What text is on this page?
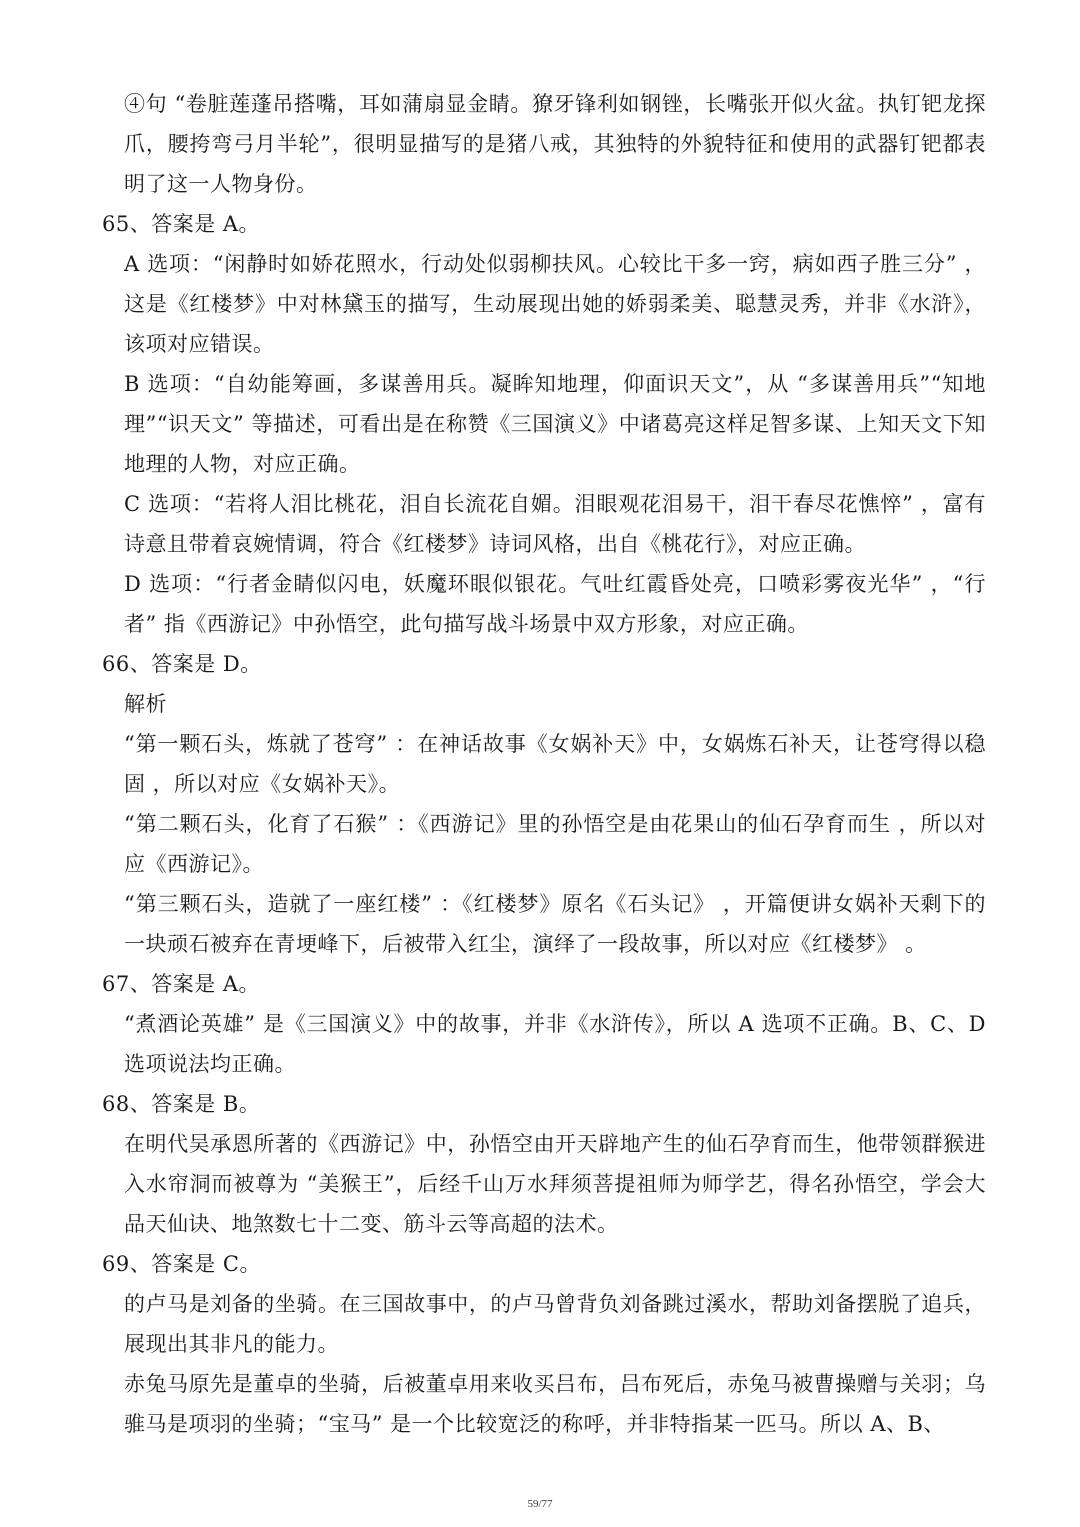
④句 “卷脏莲蓬吊搭嘴，耳如蒲扇显金睛。獠牙锋利如钢锉，长嘴张开似火盆。执钉钯龙探爪，腰挎弯弓月半轮”，很明显描写的是猪八戒，其独特的外貌特征和使用的武器钉钯都表明了这一人物身份。

65、答案是 A。

A 选项：“闲静时如娇花照水，行动处似弱柳扶风。心较比干多一窍，病如西子胜三分” ，这是《红楼梦》中对林黛玉的描写，生动展现出她的娇弱柔美、聪慧灵秀，并非《水浒》，该项对应错误。

B 选项：“自幼能筹画，多谋善用兵。凝眸知地理，仰面识天文”，从 “多谋善用兵”“知地理”“识天文” 等描述，可看出是在称赞《三国演义》中诸葛亮这样足智多谋、上知天文下知地理的人物，对应正确。

C 选项：“若将人泪比桃花，泪自长流花自媚。泪眼观花泪易干，泪干春尽花憔悴” ，富有诗意且带着哀婉情调，符合《红楼梦》诗词风格，出自《桃花行》，对应正确。

D 选项：“行者金睛似闪电，妖魔环眼似银花。气吐红霞昏处亮，口喷彩雾夜光华” ，“行者” 指《西游记》中孙悟空，此句描写战斗场景中双方形象，对应正确。

66、答案是 D。

解析

“第一颗石头，炼就了苍穹” ：在神话故事《女娲补天》中，女娲炼石补天，让苍穹得以稳固 ，所以对应《女娲补天》。

“第二颗石头，化育了石猴” ：《西游记》里的孙悟空是由花果山的仙石孕育而生 ，所以对应《西游记》。

“第三颗石头，造就了一座红楼” ：《红楼梦》原名《石头记》 ，开篇便讲女娲补天剩下的一块顽石被弃在青埂峰下，后被带入红尘，演绎了一段故事，所以对应《红楼梦》 。

67、答案是 A。

“煮酒论英雄” 是《三国演义》中的故事，并非《水浒传》，所以 A 选项不正确。B、C、D 选项说法均正确。

68、答案是 B。

在明代吴承恩所著的《西游记》中，孙悟空由开天辟地产生的仙石孕育而生，他带领群猴进入水帘洞而被尊为 “美猴王”，后经千山万水拜须菩提祖师为师学艺，得名孙悟空，学会大品天仙诀、地煞数七十二变、筋斗云等高超的法术。

69、答案是 C。

的卢马是刘备的坐骑。在三国故事中，的卢马曾背负刘备跳过溪水，帮助刘备摆脱了追兵，展现出其非凡的能力。

赤兔马原先是董卓的坐骑，后被董卓用来收买吕布，吕布死后，赤兔马被曹操赠与关羽；乌骓马是项羽的坐骑；“宝马” 是一个比较宽泛的称呼，并非特指某一匹马。所以 A、B、

59/77
